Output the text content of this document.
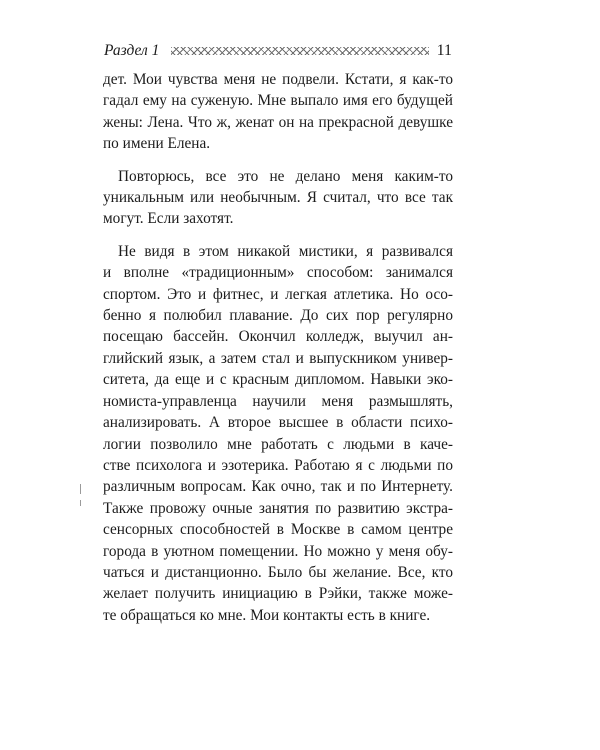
Раздел 1	11

дет. Мои чувства меня не подвели. Кстати, я как-то
гадал ему на суженую. Мне выпало имя его будущей
жены: Лена. Что ж, женат он на прекрасной девушке
по имени Елена.

Повторюсь, все это не делано меня каким-то
уникальным или необычным. Я считал, что все так
могут. Если захотят.

Не видя в этом никакой мистики, я развивался
и вполне «традиционным» способом: занимался
спортом. Это и фитнес, и легкая атлетика. Но осо-
бенно я полюбил плавание. До сих пор регулярно
посещаю бассейн. Окончил колледж, выучил ан-
глийский язык, а затем стал и выпускником универ-
ситета, да еще и с красным дипломом. Навыки эко-
номиста-управленца научили меня размышлять,
анализировать. А второе высшее в области психо-
логии позволило мне работать с людьми в каче-
стве психолога и эзотерика. Работаю я с людьми по
различным вопросам. Как очно, так и по Интернету.
Также провожу очные занятия по развитию экстра-
сенсорных способностей в Москве в самом центре
города в уютном помещении. Но можно у меня обу-
чаться и дистанционно. Было бы желание. Все, кто
желает получить инициацию в Рэйки, также може-
те обращаться ко мне. Мои контакты есть в книге.
